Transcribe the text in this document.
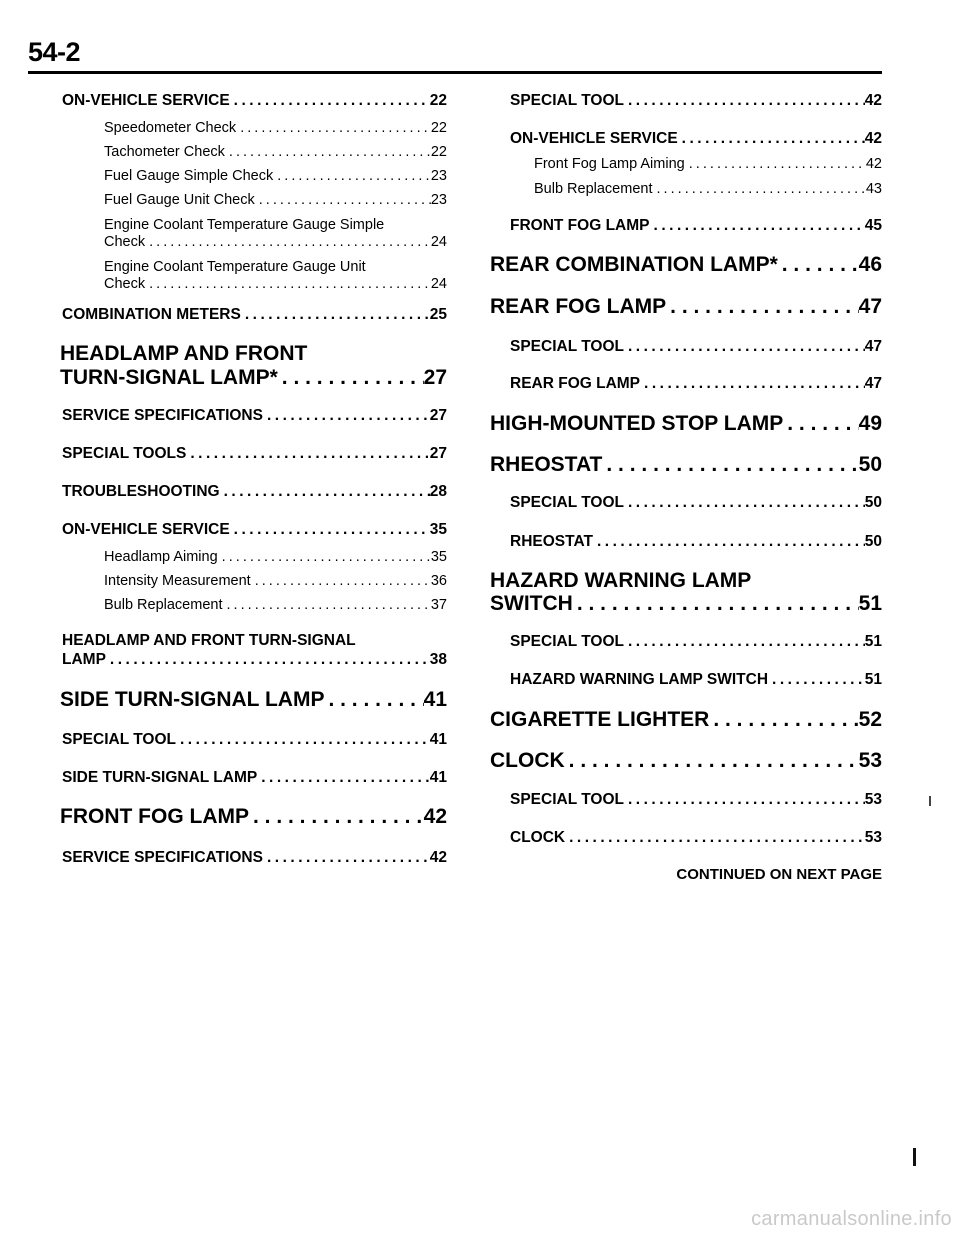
54-2
ON-VEHICLE SERVICE . . .	22
Speedometer Check . . .	22
Tachometer Check . . .	22
Fuel Gauge Simple Check . . .	23
Fuel Gauge Unit Check . . .	23
Engine Coolant Temperature Gauge Simple
Check . . .	24
Engine Coolant Temperature Gauge Unit
Check . . .	24
COMBINATION METERS . . .	25
HEADLAMP AND FRONT
TURN-SIGNAL LAMP* . . .	27
SERVICE SPECIFICATIONS . . .	27
SPECIAL TOOLS . . .	27
TROUBLESHOOTING . . .	28
ON-VEHICLE SERVICE . . .	35
Headlamp Aiming . . .	35
Intensity Measurement . . .	36
Bulb Replacement . . .	37
HEADLAMP AND FRONT TURN-SIGNAL
LAMP . . .	38
SIDE TURN-SIGNAL LAMP . . .	41
SPECIAL TOOL . . .	41
SIDE TURN-SIGNAL LAMP . . .	41
FRONT FOG LAMP . . .	42
SERVICE SPECIFICATIONS . . .	42
SPECIAL TOOL . . .	42
ON-VEHICLE SERVICE . . .	42
Front Fog Lamp Aiming . . .	42
Bulb Replacement . . .	43
FRONT FOG LAMP . . .	45
REAR COMBINATION LAMP* . . .	46
REAR FOG LAMP . . .	47
SPECIAL TOOL . . .	47
REAR FOG LAMP . . .	47
HIGH-MOUNTED STOP LAMP . . .	49
RHEOSTAT . . .	50
SPECIAL TOOL . . .	50
RHEOSTAT . . .	50
HAZARD WARNING LAMP
SWITCH . . .	51
SPECIAL TOOL . . .	51
HAZARD WARNING LAMP SWITCH . . .	51
CIGARETTE LIGHTER . . .	52
CLOCK . . .	53
SPECIAL TOOL . . .	53
CLOCK . . .	53
CONTINUED ON NEXT PAGE
carmanualsonline.info
